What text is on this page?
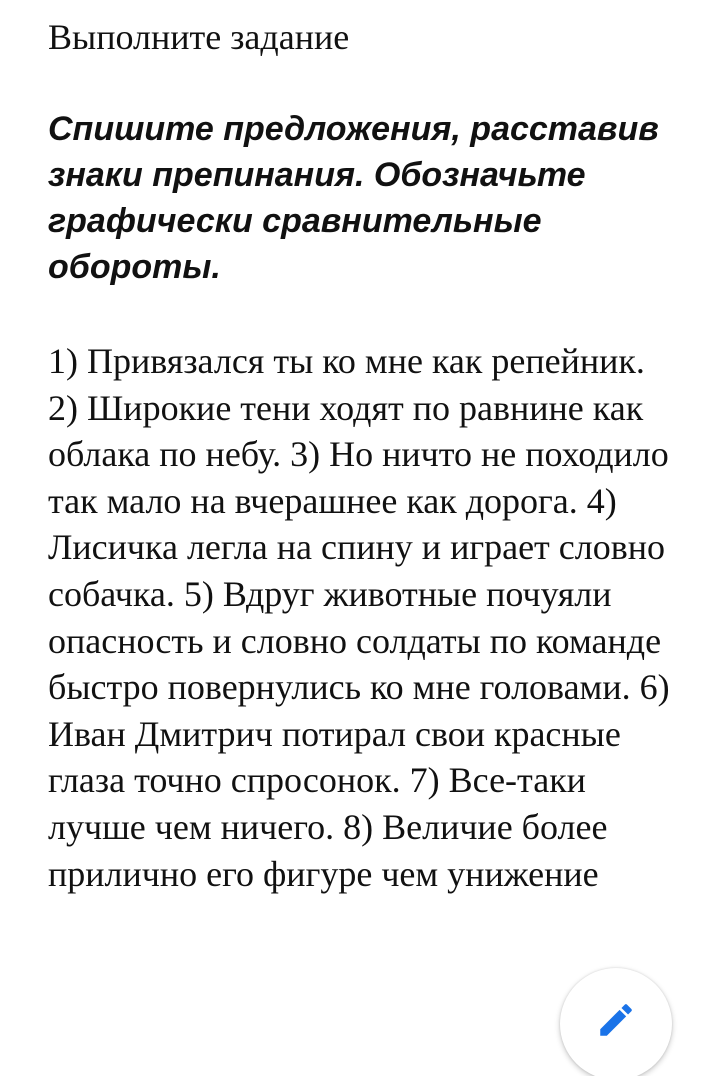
Выполните задание

Спишите предложения, расставив знаки препинания. Обозначьте графически сравнительные обороты.

1) Привязался ты ко мне как репейник. 2) Широкие тени ходят по равнине как облака по небу. 3) Но ничто не походило так мало на вчерашнее как дорога. 4) Лисичка легла на спину и играет словно собачка. 5) Вдруг животные почуяли опасность и словно солдаты по команде быстро повернулись ко мне головами. 6) Иван Дмитрич потирал свои красные глаза точно спросонок. 7) Все-таки лучше чем ничего. 8) Величие более прилично его фигуре чем унижение
